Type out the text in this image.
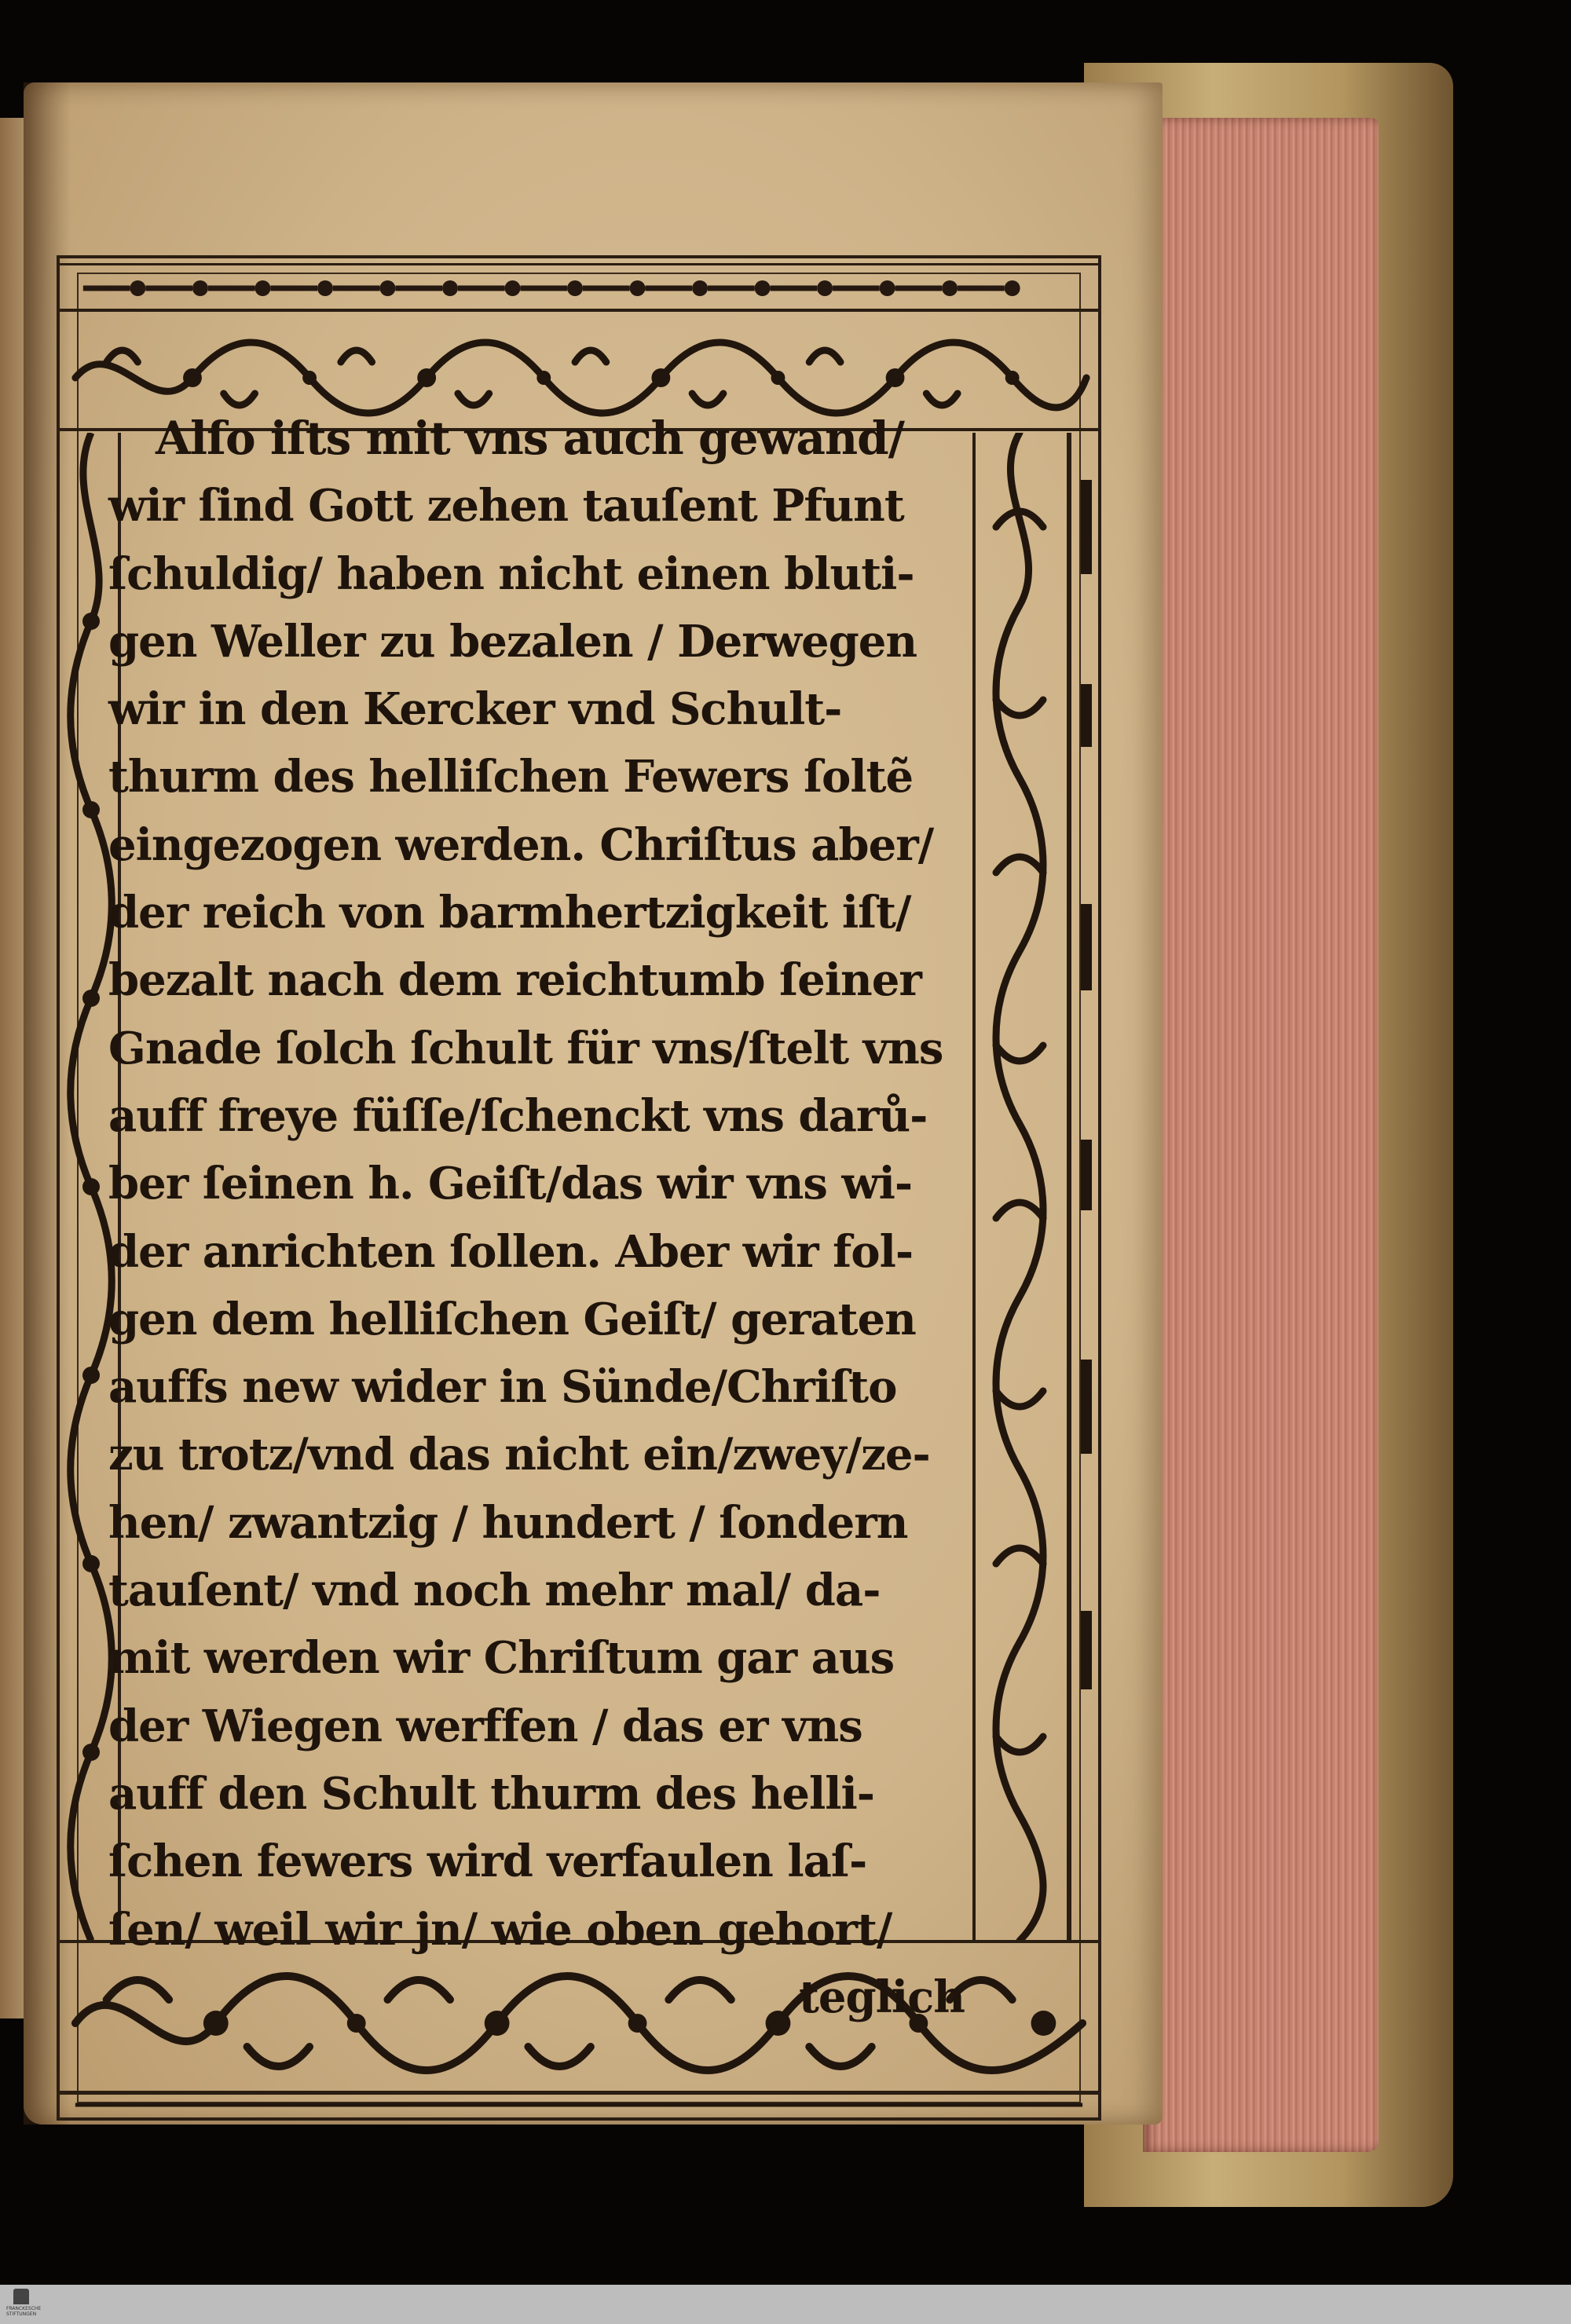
Alſo iſts mit vns auch gewand/
wir ſind Gott zehen tauſent Pfunt
ſchuldig/ haben nicht einen bluti-
gen Weller zu bezalen / Derwegen
wir in den Kercker vnd Schult-
thurm des helliſchen Fewers ſoltẽ
eingezogen werden. Chriſtus aber/
der reich von barmhertzigkeit iſt/
bezalt nach dem reichtumb ſeiner
Gnade ſolch ſchult für vns/ſtelt vns
auff freye füſſe/ſchenckt vns darů-
ber ſeinen h. Geiſt/das wir vns wi-
der anrichten ſollen. Aber wir fol-
gen dem helliſchen Geiſt/ geraten
auffs new wider in Sünde/Chriſto
zu trotz/vnd das nicht ein/zwey/ze-
hen/ zwantzig / hundert / ſondern
tauſent/ vnd noch mehr mal/ da-
mit werden wir Chriſtum gar aus
der Wiegen werffen / das er vns
auff den Schult thurm des helli-
ſchen fewers wird verfaulen laſ-
ſen/ weil wir jn/ wie oben gehort/
teglich
FRANCKESCHE STIFTUNGEN
